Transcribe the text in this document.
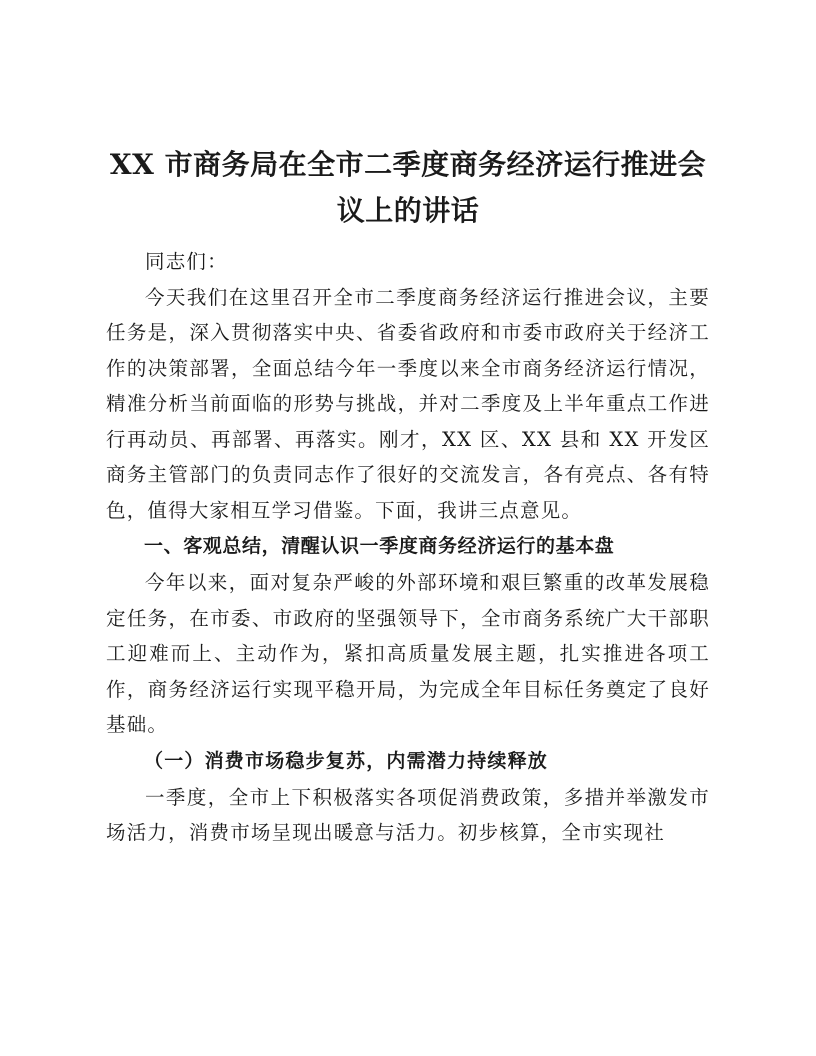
XX 市商务局在全市二季度商务经济运行推进会议上的讲话

同志们：

今天我们在这里召开全市二季度商务经济运行推进会议，主要任务是，深入贯彻落实中央、省委省政府和市委市政府关于经济工作的决策部署，全面总结今年一季度以来全市商务经济运行情况，精准分析当前面临的形势与挑战，并对二季度及上半年重点工作进行再动员、再部署、再落实。刚才，XX 区、XX 县和 XX 开发区商务主管部门的负责同志作了很好的交流发言，各有亮点、各有特色，值得大家相互学习借鉴。下面，我讲三点意见。

一、客观总结，清醒认识一季度商务经济运行的基本盘

今年以来，面对复杂严峻的外部环境和艰巨繁重的改革发展稳定任务，在市委、市政府的坚强领导下，全市商务系统广大干部职工迎难而上、主动作为，紧扣高质量发展主题，扎实推进各项工作，商务经济运行实现平稳开局，为完成全年目标任务奠定了良好基础。

（一）消费市场稳步复苏，内需潜力持续释放

一季度，全市上下积极落实各项促消费政策，多措并举激发市场活力，消费市场呈现出暖意与活力。初步核算，全市实现社
